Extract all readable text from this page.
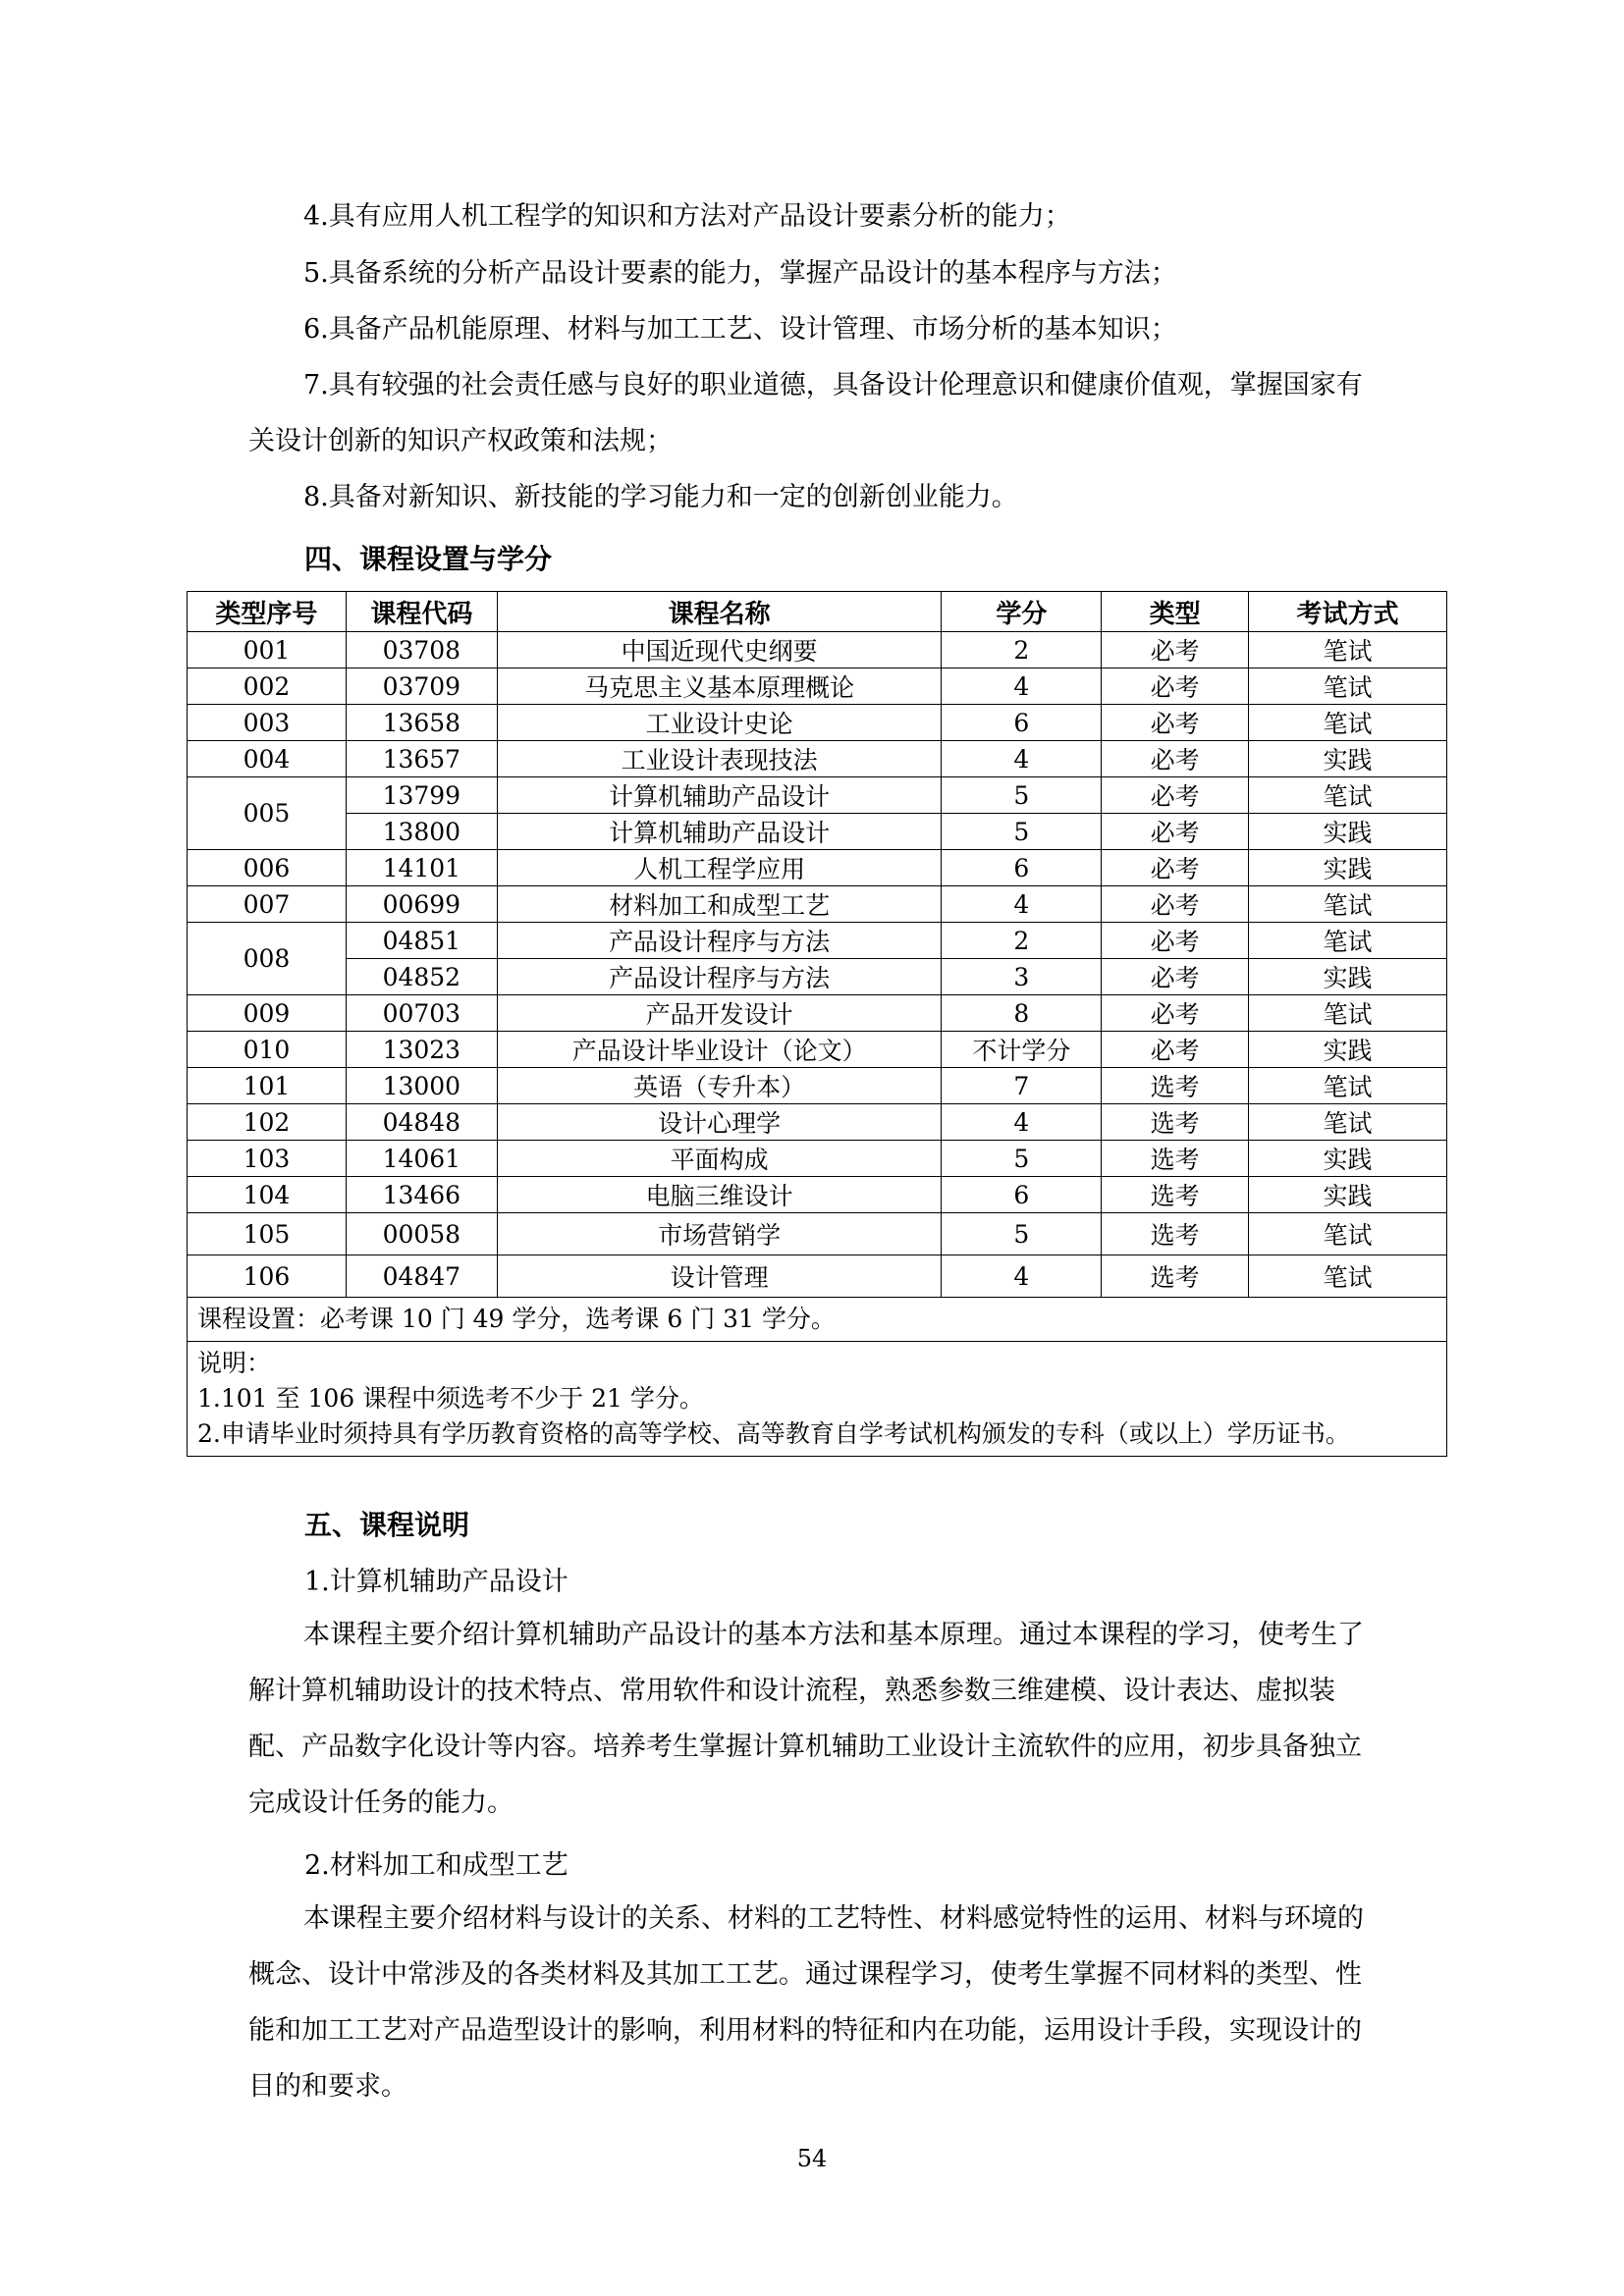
4.具有应用人机工程学的知识和方法对产品设计要素分析的能力；

5.具备系统的分析产品设计要素的能力，掌握产品设计的基本程序与方法；

6.具备产品机能原理、材料与加工工艺、设计管理、市场分析的基本知识；

7.具有较强的社会责任感与良好的职业道德，具备设计伦理意识和健康价值观，掌握国家有关设计创新的知识产权政策和法规；

8.具备对新知识、新技能的学习能力和一定的创新创业能力。

四、课程设置与学分

类型序号	课程代码	课程名称	学分	类型	考试方式
001	03708	中国近现代史纲要	2	必考	笔试
002	03709	马克思主义基本原理概论	4	必考	笔试
003	13658	工业设计史论	6	必考	笔试
004	13657	工业设计表现技法	4	必考	实践
005	13799	计算机辅助产品设计	5	必考	笔试
	13800	计算机辅助产品设计	5	必考	实践
006	14101	人机工程学应用	6	必考	实践
007	00699	材料加工和成型工艺	4	必考	笔试
008	04851	产品设计程序与方法	2	必考	笔试
	04852	产品设计程序与方法	3	必考	实践
009	00703	产品开发设计	8	必考	笔试
010	13023	产品设计毕业设计（论文）	不计学分	必考	实践
101	13000	英语（专升本）	7	选考	笔试
102	04848	设计心理学	4	选考	笔试
103	14061	平面构成	5	选考	实践
104	13466	电脑三维设计	6	选考	实践
105	00058	市场营销学	5	选考	笔试
106	04847	设计管理	4	选考	笔试
课程设置：必考课 10 门 49 学分，选考课 6 门 31 学分。					

说明：
1.101 至 106 课程中须选考不少于 21 学分。
2.申请毕业时须持具有学历教育资格的高等学校、高等教育自学考试机构颁发的专科（或以上）学历证书。					

五、课程说明

1.计算机辅助产品设计

本课程主要介绍计算机辅助产品设计的基本方法和基本原理。通过本课程的学习，使考生了解计算机辅助设计的技术特点、常用软件和设计流程，熟悉参数三维建模、设计表达、虚拟装配、产品数字化设计等内容。培养考生掌握计算机辅助工业设计主流软件的应用，初步具备独立完成设计任务的能力。

2.材料加工和成型工艺

本课程主要介绍材料与设计的关系、材料的工艺特性、材料感觉特性的运用、材料与环境的概念、设计中常涉及的各类材料及其加工工艺。通过课程学习，使考生掌握不同材料的类型、性能和加工工艺对产品造型设计的影响，利用材料的特征和内在功能，运用设计手段，实现设计的目的和要求。

54
